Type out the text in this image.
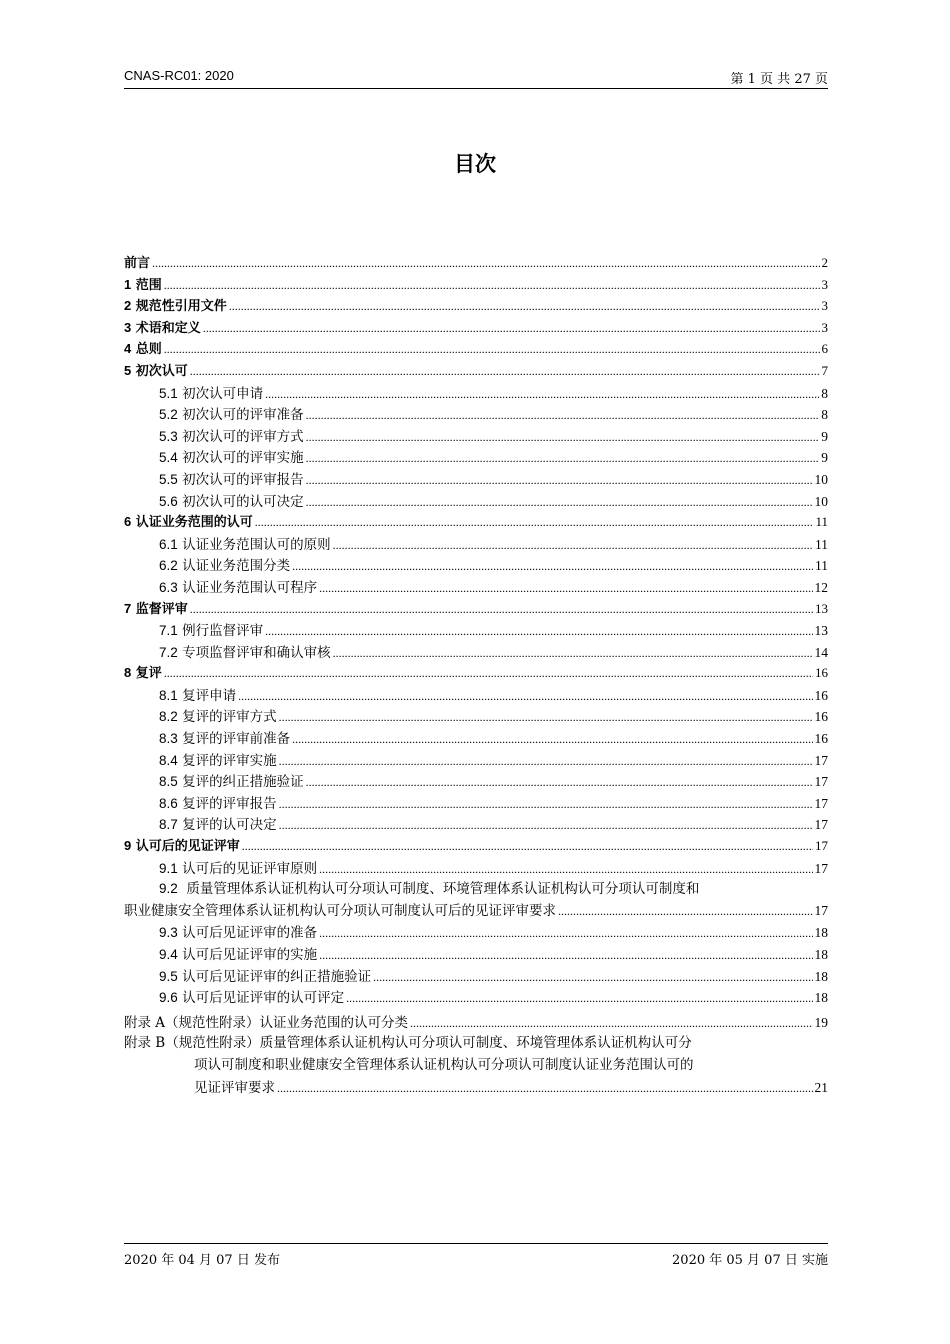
CNAS-RC01: 2020	第 1 页 共 27 页
目次
前言 .....	2
1 范围 .....	3
2 规范性引用文件 .....	3
3 术语和定义 .....	3
4 总则 .....	6
5 初次认可 .....	7
5.1 初次认可申请 .....	8
5.2 初次认可的评审准备 .....	8
5.3 初次认可的评审方式 .....	9
5.4 初次认可的评审实施 .....	9
5.5 初次认可的评审报告 .....	10
5.6 初次认可的认可决定 .....	10
6 认证业务范围的认可 .....	11
6.1 认证业务范围认可的原则 .....	11
6.2 认证业务范围分类 .....	11
6.3 认证业务范围认可程序 .....	12
7 监督评审 .....	13
7.1 例行监督评审 .....	13
7.2 专项监督评审和确认审核 .....	14
8 复评 .....	16
8.1 复评申请 .....	16
8.2 复评的评审方式 .....	16
8.3 复评的评审前准备 .....	16
8.4 复评的评审实施 .....	17
8.5 复评的纠正措施验证 .....	17
8.6 复评的评审报告 .....	17
8.7 复评的认可决定 .....	17
9 认可后的见证评审 .....	17
9.1 认可后的见证评审原则 .....	17
9.2 质量管理体系认证机构认可分项认可制度、环境管理体系认证机构认可分项认可制度和
职业健康安全管理体系认证机构认可分项认可制度认可后的见证评审要求 .....	17
9.3 认可后见证评审的准备 .....	18
9.4 认可后见证评审的实施 .....	18
9.5 认可后见证评审的纠正措施验证 .....	18
9.6 认可后见证评审的认可评定 .....	18
附录 A（规范性附录）认证业务范围的认可分类 .....	19
附录 B（规范性附录）质量管理体系认证机构认可分项认可制度、环境管理体系认证机构认可分
项认可制度和职业健康安全管理体系认证机构认可分项认可制度认证业务范围认可的
见证评审要求 .....	21
2020 年 04 月 07 日 发布	2020 年 05 月 07 日 实施
